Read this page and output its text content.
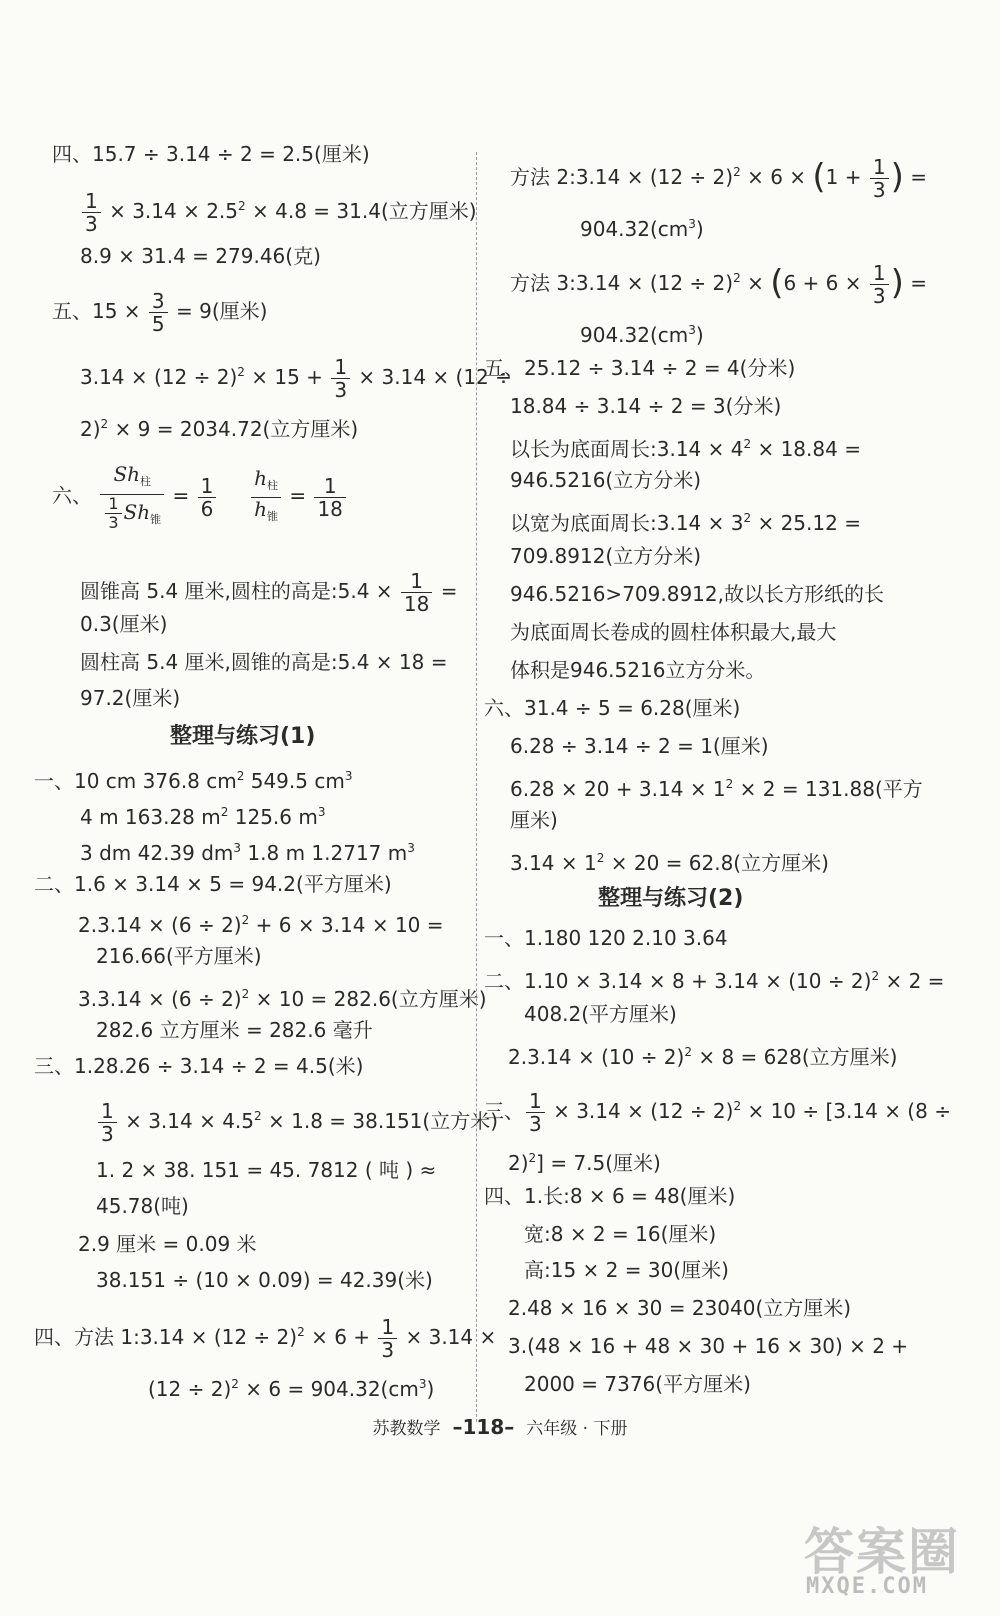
四、15.7 ÷ 3.14 ÷ 2 = 2.5(厘米)
$\frac{1}{3} \times 3.14 \times 2.5^2 \times 4.8 = 31.4$(立方厘米)
8.9 × 31.4 = 279.46(克)
五、$15 \times \frac{3}{5} = 9$(厘米)
$3.14 \times (12 \div 2)^2 \times 15 + \frac{1}{3} \times 3.14 \times (12$ ÷
2)$^2$ × 9 = 2034.72(立方厘米)
六、 $\frac{Sh_柱}{\frac{1}{3} Sh_锥} = \frac{1}{6}$
$\frac{h_柱}{h_锥} = \frac{1}{18}$
圆锥高 5.4 厘米,圆柱的高是:5.4 × $\frac{1}{18}$ =
0.3(厘米)
圆柱高 5.4 厘米,圆锥的高是:5.4 × 18 =
97.2(厘米)
整理与练习(1)
一、10 cm 376.8 $cm^2$ 549.5 $cm^3$
4 m 163.28 $m^2$ 125.6 $m^3$
3 dm 42.39 $dm^3$ 1.8 m 1.2717 $m^3$
二、1.6 × 3.14 × 5 = 94.2(平方厘米)
$2.3.14 \times (6 \div 2)^2 + 6 \times 3.14 \times 10$ =
216.66(平方厘米)
$3.3.14 \times (6 \div 2)^2 \times 10 = 282.6$(立方厘米)
282.6 立方厘米 = 282.6 毫升
三、1.28.26 ÷ 3.14 ÷ 2 = 4.5(米)
$\frac{1}{3} \times 3.14 \times 4.5^2 \times 1.8 = 38.151$(立方米)
1. 2 × 38. 151 = 45. 7812 ( 吨 ) ≈
45.78(吨)
2.9 厘米 = 0.09 米
38.151 ÷ (10 × 0.09) = 42.39(米)
四、方法 1:3.14 × $(12 \div 2)^2 \times 6 + \frac{1}{3} \times 3.14$ ×
$(12 \div 2)^2 \times 6 = 904.32(cm^3)$
方法 2:3.14 × $(12 \div 2)^2 \times 6 \times (1 + \frac{1}{3}$ ) =
$904.32(cm^3)$
方法 3:3.14 × $(12 \div 2)^2 \times (6 + 6 \times \frac{1}{3}$ ) =
$904.32(cm^3)$
五、25.12 ÷ 3.14 ÷ 2 = 4(分米)
18.84 ÷ 3.14 ÷ 2 = 3(分米)
以长为底面周长:3.14 × $4^2 \times 18.84$ =
946.5216(立方分米)
以宽为底面周长:3.14 × $3^2 \times 25.12$ =
709.8912(立方分米)
946.5216>709.8912,故以长方形纸的长
为底面周长卷成的圆柱体积最大,最大
体积是946.5216立方分米。
六、31.4 ÷ 5 = 6.28(厘米)
6.28 ÷ 3.14 ÷ 2 = 1(厘米)
$6.28 \times 20 + 3.14 \times 1^2 \times 2 = 131.88$(平方
厘米)
$3.14 \times 1^2 \times 20 = 62.8$(立方厘米)
整理与练习(2)
一、1.180 120 2.10 3.64
二、$1.10 \times 3.14 \times 8 + 3.14 \times (10 \div 2)^2 \times 2$ =
408.2(平方厘米)
$2.3.14 \times (10 \div 2)^2 \times 8 = 628$(立方厘米)
三、 $\frac{1}{3} \times 3.14 \times (12 \div 2)^2 \times 10 \div [3.14 \times (8$ ÷
2)$^2$] = 7.5(厘米)
四、1.长:8 × 6 = 48(厘米)
宽:8 × 2 = 16(厘米)
高:15 × 2 = 30(厘米)
2.48 × 16 × 30 = 23040(立方厘米)
3.(48 × 16 + 48 × 30 + 16 × 30) × 2 +
2000 = 7376(平方厘米)
苏教数学 –118– 六年级 · 下册
答案圈
MXQE.COM
